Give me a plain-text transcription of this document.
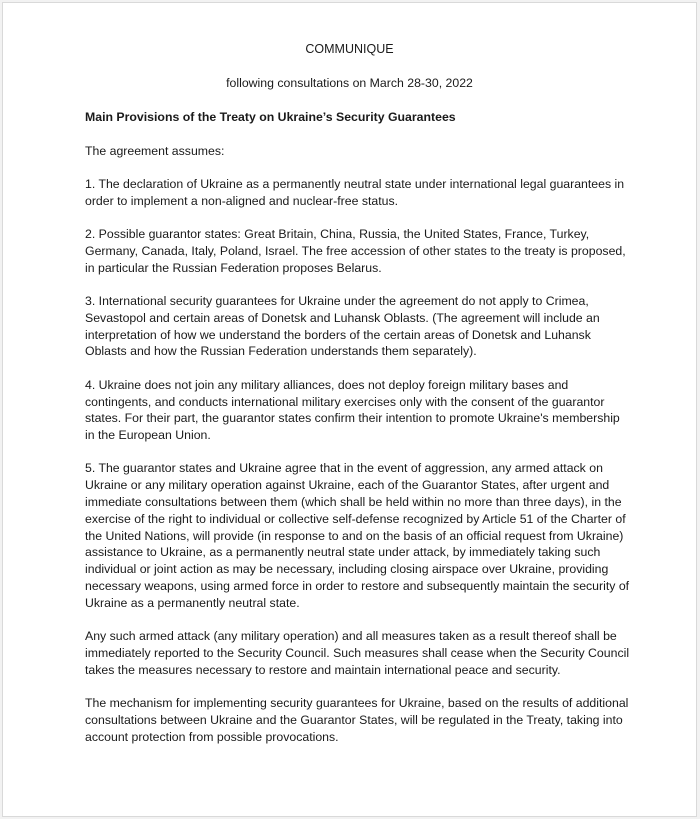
COMMUNIQUE

following consultations on March 28-30, 2022

Main Provisions of the Treaty on Ukraine’s Security Guarantees

The agreement assumes:

1. The declaration of Ukraine as a permanently neutral state under international legal guarantees in order to implement a non-aligned and nuclear-free status.

2. Possible guarantor states: Great Britain, China, Russia, the United States, France, Turkey, Germany, Canada, Italy, Poland, Israel. The free accession of other states to the treaty is proposed, in particular the Russian Federation proposes Belarus.

3. International security guarantees for Ukraine under the agreement do not apply to Crimea, Sevastopol and certain areas of Donetsk and Luhansk Oblasts. (The agreement will include an interpretation of how we understand the borders of the certain areas of Donetsk and Luhansk Oblasts and how the Russian Federation understands them separately).

4. Ukraine does not join any military alliances, does not deploy foreign military bases and contingents, and conducts international military exercises only with the consent of the guarantor states. For their part, the guarantor states confirm their intention to promote Ukraine's membership in the European Union.

5. The guarantor states and Ukraine agree that in the event of aggression, any armed attack on Ukraine or any military operation against Ukraine, each of the Guarantor States, after urgent and immediate consultations between them (which shall be held within no more than three days), in the exercise of the right to individual or collective self-defense recognized by Article 51 of the Charter of the United Nations, will provide (in response to and on the basis of an official request from Ukraine) assistance to Ukraine, as a permanently neutral state under attack, by immediately taking such individual or joint action as may be necessary, including closing airspace over Ukraine, providing necessary weapons, using armed force in order to restore and subsequently maintain the security of Ukraine as a permanently neutral state.

Any such armed attack (any military operation) and all measures taken as a result thereof shall be immediately reported to the Security Council. Such measures shall cease when the Security Council takes the measures necessary to restore and maintain international peace and security.

The mechanism for implementing security guarantees for Ukraine, based on the results of additional consultations between Ukraine and the Guarantor States, will be regulated in the Treaty, taking into account protection from possible provocations.
